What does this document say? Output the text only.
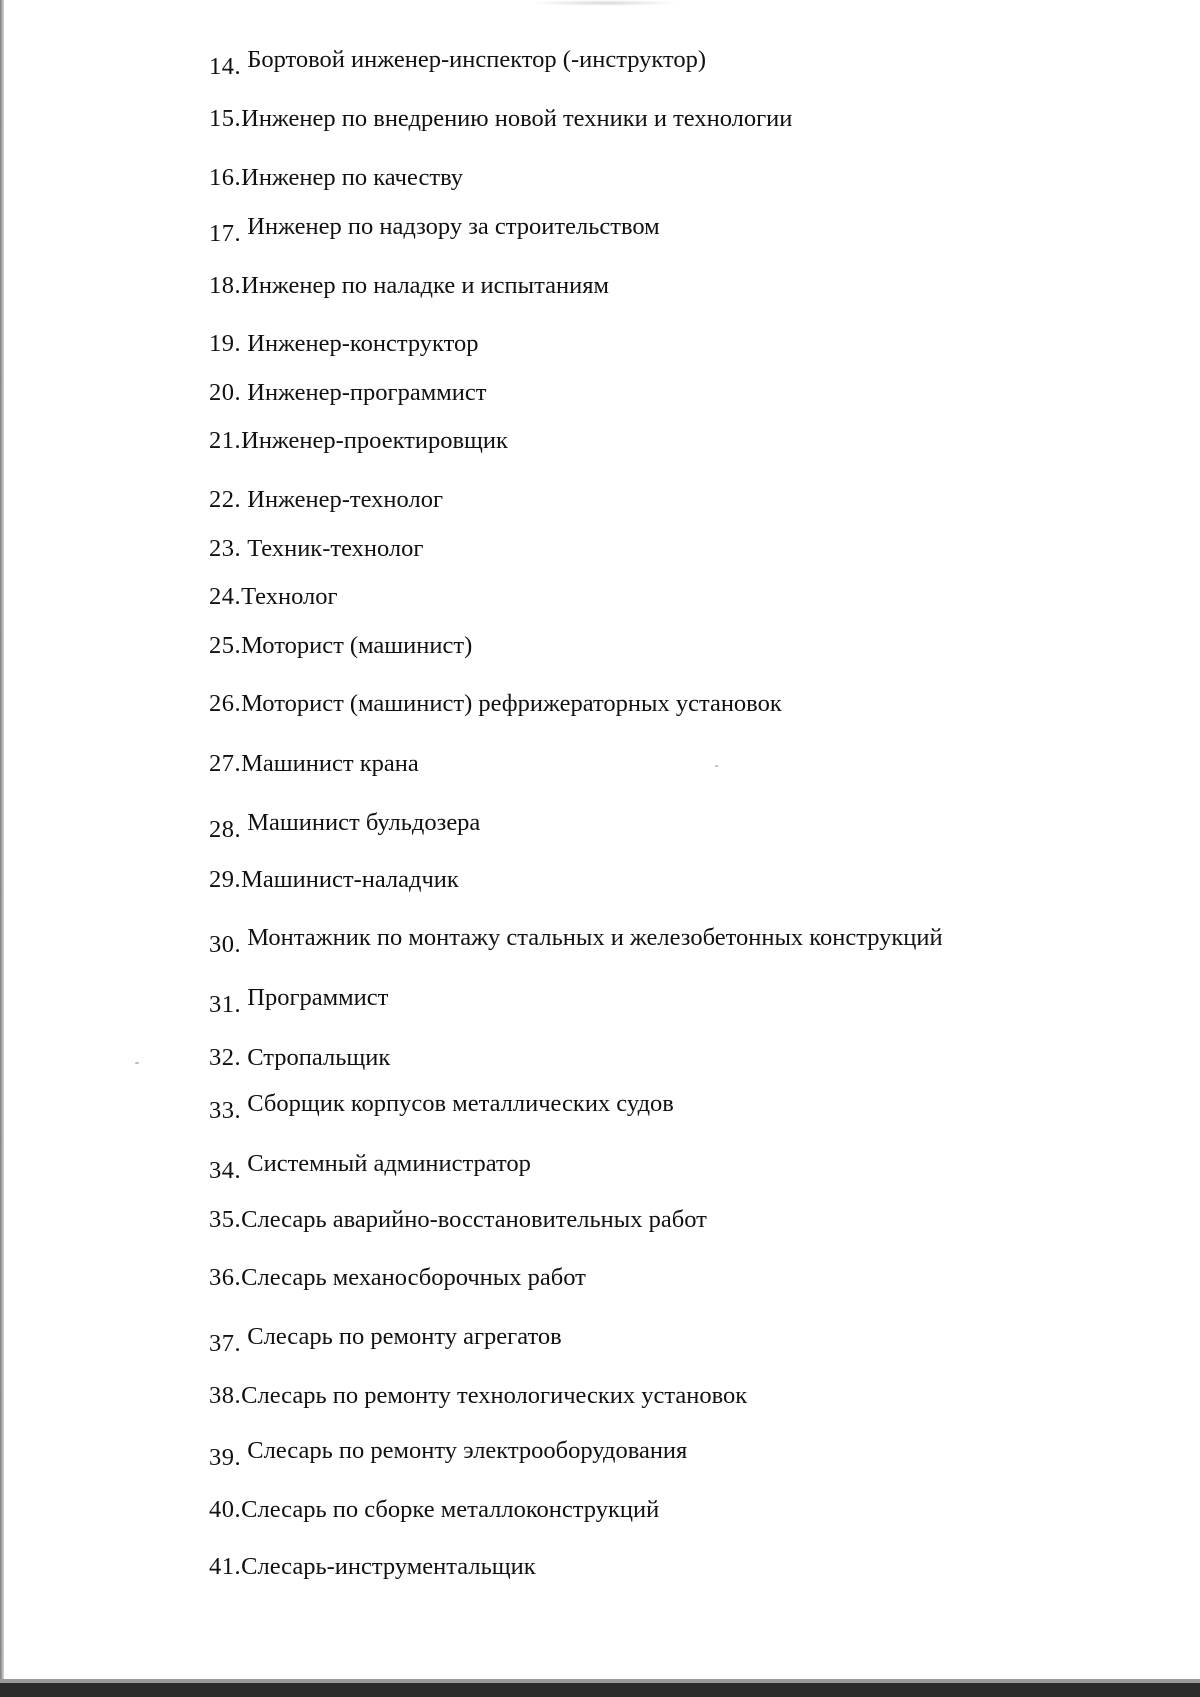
14. Бортовой инженер-инспектор (-инструктор)
15.Инженер по внедрению новой техники и технологии
16.Инженер по качеству
17. Инженер по надзору за строительством
18.Инженер по наладке и испытаниям
19. Инженер-конструктор
20. Инженер-программист
21.Инженер-проектировщик
22. Инженер-технолог
23. Техник-технолог
24.Технолог
25.Моторист (машинист)
26.Моторист (машинист) рефрижераторных установок
27.Машинист крана
28. Машинист бульдозера
29.Машинист-наладчик
30. Монтажник по монтажу стальных и железобетонных конструкций
31. Программист
32. Стропальщик
33. Сборщик корпусов металлических судов
34. Системный администратор
35.Слесарь аварийно-восстановительных работ
36.Слесарь механосборочных работ
37. Слесарь по ремонту агрегатов
38.Слесарь по ремонту технологических установок
39. Слесарь по ремонту электрооборудования
40.Слесарь по сборке металлоконструкций
41.Слесарь-инструментальщик
